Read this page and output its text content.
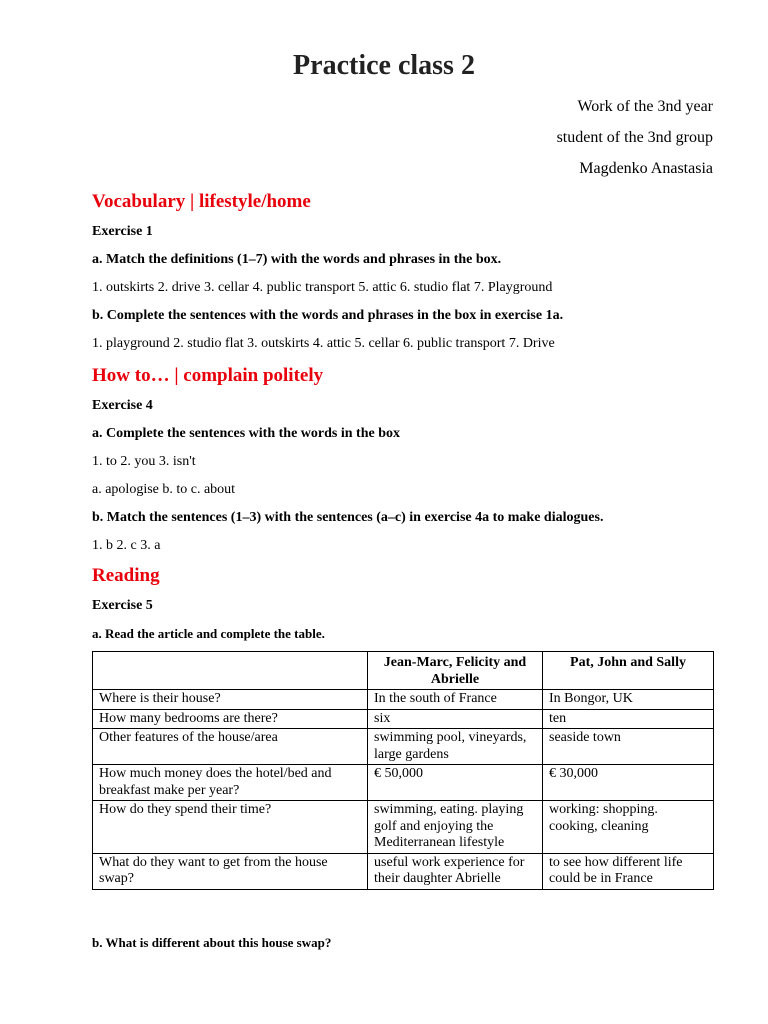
Practice class 2
Work of the 3nd year
student of the 3nd group
Magdenko Anastasia
Vocabulary | lifestyle/home
Exercise 1
a. Match the definitions (1–7) with the words and phrases in the box.
1. outskirts 2. drive 3. cellar 4. public transport 5. attic 6. studio flat 7. Playground
b. Complete the sentences with the words and phrases in the box in exercise 1a.
1. playground 2. studio flat 3. outskirts 4. attic 5. cellar 6. public transport 7. Drive
How to… | complain politely
Exercise 4
a. Complete the sentences with the words in the box
1. to 2. you 3. isn't
a. apologise b. to c. about
b. Match the sentences (1–3) with the sentences (a–c) in exercise 4a to make dialogues.
1. b 2. c 3. a
Reading
Exercise 5
a. Read the article and complete the table.
	Jean-Marc, Felicity and Abrielle	Pat, John and Sally
Where is their house?	In the south of France	In Bongor, UK
How many bedrooms are there?	six	ten
Other features of the house/area	swimming pool, vineyards, large gardens	seaside town
How much money does the hotel/bed and breakfast make per year?	€ 50,000	€ 30,000
How do they spend their time?	swimming, eating. playing golf and enjoying the Mediterranean lifestyle	working: shopping. cooking, cleaning
What do they want to get from the house swap?	useful work experience for their daughter Abrielle	to see how different life could be in France
b. What is different about this house swap?
